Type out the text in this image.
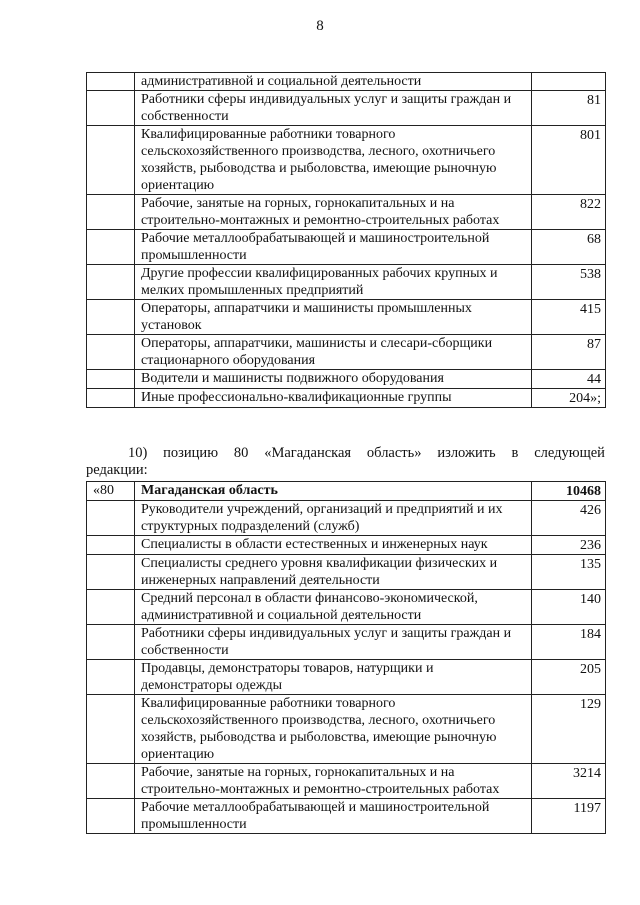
8
	административной и социальной деятельности	
	Работники сферы индивидуальных услуг и защиты граждан и собственности	81
	Квалифицированные работники товарного сельскохозяйственного производства, лесного, охотничьего хозяйств, рыбоводства и рыболовства, имеющие рыночную ориентацию	801
	Рабочие, занятые на горных, горнокапитальных и на строительно-монтажных и ремонтно-строительных работах	822
	Рабочие металлообрабатывающей и машиностроительной промышленности	68
	Другие профессии квалифицированных рабочих крупных и мелких промышленных предприятий	538
	Операторы, аппаратчики и машинисты промышленных установок	415
	Операторы, аппаратчики, машинисты и слесари-сборщики стационарного оборудования	87
	Водители и машинисты подвижного оборудования	44
	Иные профессионально-квалификационные группы	204»;
10) позицию 80 «Магаданская область» изложить в следующей
редакции:
«80	Магаданская область	10468
	Руководители учреждений, организаций и предприятий и их структурных подразделений (служб)	426
	Специалисты в области естественных и инженерных наук	236
	Специалисты среднего уровня квалификации физических и инженерных направлений деятельности	135
	Средний персонал в области финансово-экономической, административной и социальной деятельности	140
	Работники сферы индивидуальных услуг и защиты граждан и собственности	184
	Продавцы, демонстраторы товаров, натурщики и демонстраторы одежды	205
	Квалифицированные работники товарного сельскохозяйственного производства, лесного, охотничьего хозяйств, рыбоводства и рыболовства, имеющие рыночную ориентацию	129
	Рабочие, занятые на горных, горнокапитальных и на строительно-монтажных и ремонтно-строительных работах	3214
	Рабочие металлообрабатывающей и машиностроительной промышленности	1197
